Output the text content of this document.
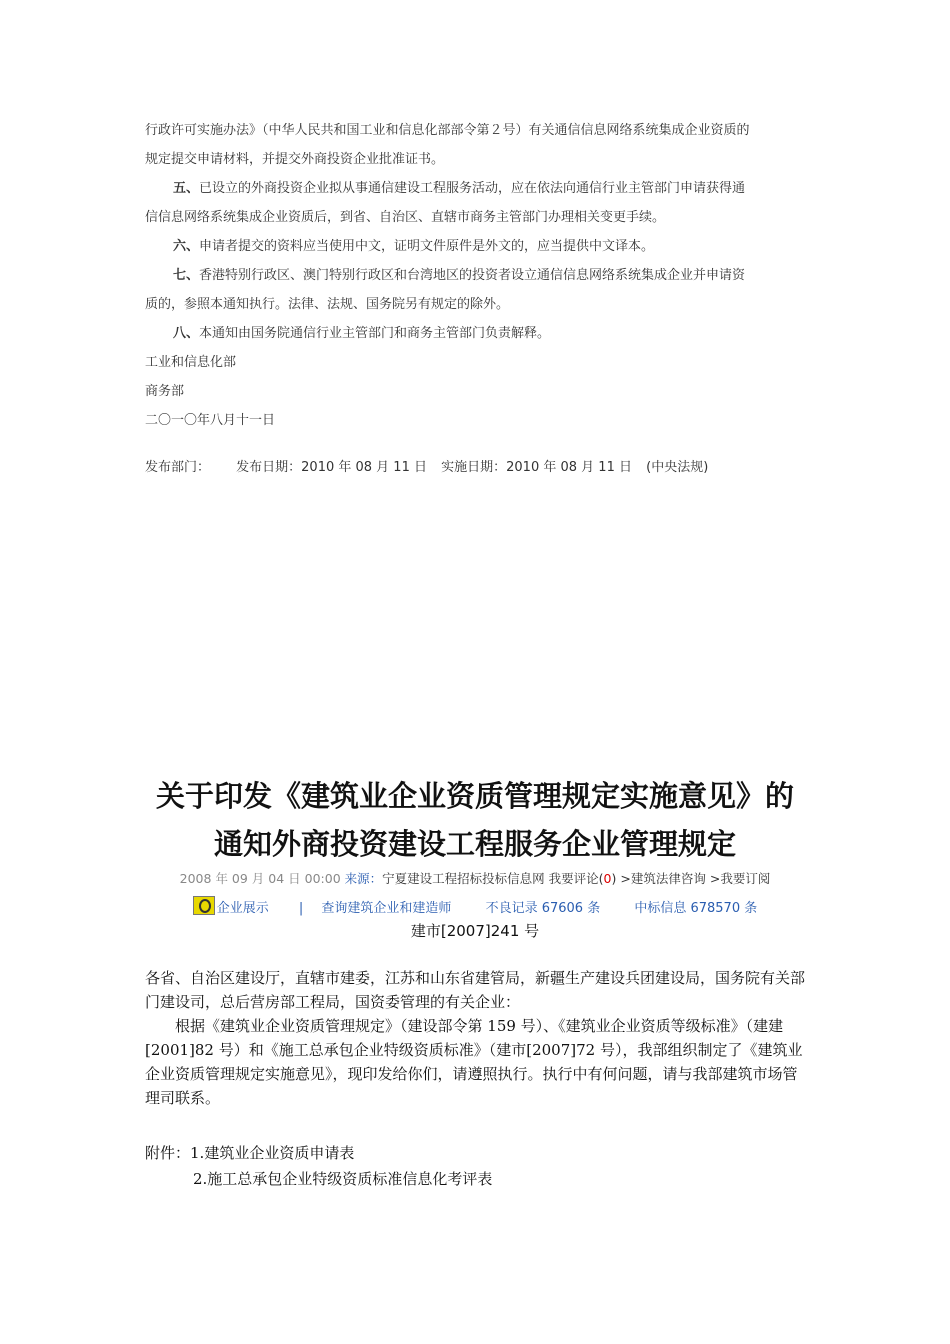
行政许可实施办法》（中华人民共和国工业和信息化部部令第２号）有关通信信息网络系统集成企业资质的

规定提交申请材料，并提交外商投资企业批准证书。

五、已设立的外商投资企业拟从事通信建设工程服务活动，应在依法向通信行业主管部门申请获得通

信信息网络系统集成企业资质后，到省、自治区、直辖市商务主管部门办理相关变更手续。

六、申请者提交的资料应当使用中文，证明文件原件是外文的，应当提供中文译本。

七、香港特别行政区、澳门特别行政区和台湾地区的投资者设立通信信息网络系统集成企业并申请资

质的，参照本通知执行。法律、法规、国务院另有规定的除外。

八、本通知由国务院通信行业主管部门和商务主管部门负责解释。

工业和信息化部

商务部

二〇一〇年八月十一日

发布部门： 发布日期：2010 年 08 月 11 日 实施日期：2010 年 08 月 11 日 (中央法规)
关于印发《建筑业企业资质管理规定实施意见》的
通知外商投资建设工程服务企业管理规定
2008 年 09 月 04 日 00:00 来源：宁夏建设工程招标投标信息网 我要评论(0) >建筑法律咨询 >我要订阅
企业展示 | 查询建筑企业和建造师	不良记录 67606 条	中标信息 678570 条
建市[2007]241 号

各省、自治区建设厅，直辖市建委，江苏和山东省建管局，新疆生产建设兵团建设局，国务院有关部门建设司，总后营房部工程局，国资委管理的有关企业：

根据《建筑业企业资质管理规定》（建设部令第 159 号）、《建筑业企业资质等级标准》（建建[2001]82 号）和《施工总承包企业特级资质标准》（建市[2007]72 号），我部组织制定了《建筑业企业资质管理规定实施意见》，现印发给你们，请遵照执行。执行中有何问题，请与我部建筑市场管理司联系。

附件：1.建筑业企业资质申请表
2.施工总承包企业特级资质标准信息化考评表
